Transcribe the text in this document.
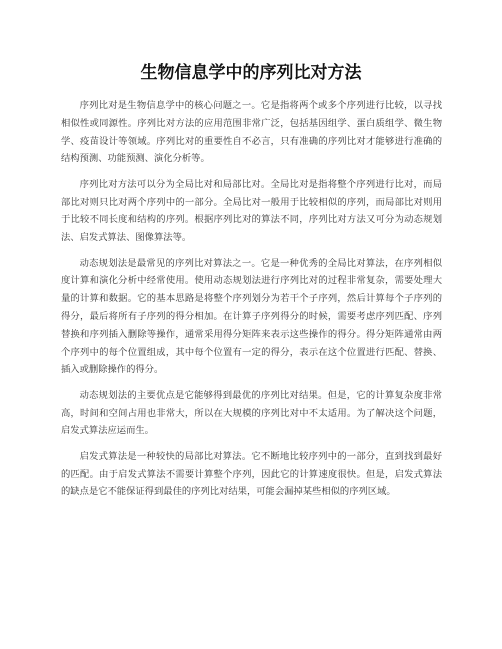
生物信息学中的序列比对方法

序列比对是生物信息学中的核心问题之一。它是指将两个或多个序列进行比较，以寻找相似性或同源性。序列比对方法的应用范围非常广泛，包括基因组学、蛋白质组学、微生物学、疫苗设计等领域。序列比对的重要性自不必言，只有准确的序列比对才能够进行准确的结构预测、功能预测、演化分析等。

序列比对方法可以分为全局比对和局部比对。全局比对是指将整个序列进行比对，而局部比对则只比对两个序列中的一部分。全局比对一般用于比较相似的序列，而局部比对则用于比较不同长度和结构的序列。根据序列比对的算法不同，序列比对方法又可分为动态规划法、启发式算法、图像算法等。

动态规划法是最常见的序列比对算法之一。它是一种优秀的全局比对算法，在序列相似度计算和演化分析中经常使用。使用动态规划法进行序列比对的过程非常复杂，需要处理大量的计算和数据。它的基本思路是将整个序列划分为若干个子序列，然后计算每个子序列的得分，最后将所有子序列的得分相加。在计算子序列得分的时候，需要考虑序列匹配、序列替换和序列插入删除等操作，通常采用得分矩阵来表示这些操作的得分。得分矩阵通常由两个序列中的每个位置组成，其中每个位置有一定的得分，表示在这个位置进行匹配、替换、插入或删除操作的得分。

动态规划法的主要优点是它能够得到最优的序列比对结果。但是，它的计算复杂度非常高，时间和空间占用也非常大，所以在大规模的序列比对中不太适用。为了解决这个问题，启发式算法应运而生。

启发式算法是一种较快的局部比对算法。它不断地比较序列中的一部分，直到找到最好的匹配。由于启发式算法不需要计算整个序列，因此它的计算速度很快。但是，启发式算法的缺点是它不能保证得到最佳的序列比对结果，可能会漏掉某些相似的序列区域。
